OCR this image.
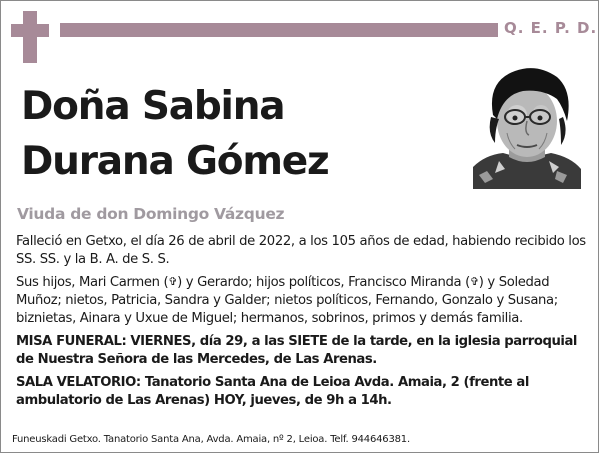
Q. E. P. D.
Doña Sabina
Durana Gómez
Viuda de don Domingo Vázquez

Falleció en Getxo, el día 26 de abril de 2022, a los 105 años de edad, habiendo recibido los SS. SS. y la B. A. de S. S.

Sus hijos, Mari Carmen (✞) y Gerardo; hijos políticos, Francisco Miranda (✞) y Soledad Muñoz; nietos, Patricia, Sandra y Galder; nietos políticos, Fernando, Gonzalo y Susana; biznietas, Ainara y Uxue de Miguel; hermanos, sobrinos, primos y demás familia.

MISA FUNERAL: VIERNES, día 29, a las SIETE de la tarde, en la iglesia parroquial de Nuestra Señora de las Mercedes, de Las Arenas.

SALA VELATORIO: Tanatorio Santa Ana de Leioa Avda. Amaia, 2 (frente al ambulatorio de Las Arenas) HOY, jueves, de 9h a 14h.

Funeuskadi Getxo. Tanatorio Santa Ana, Avda. Amaia, nº 2, Leioa. Telf. 944646381.
